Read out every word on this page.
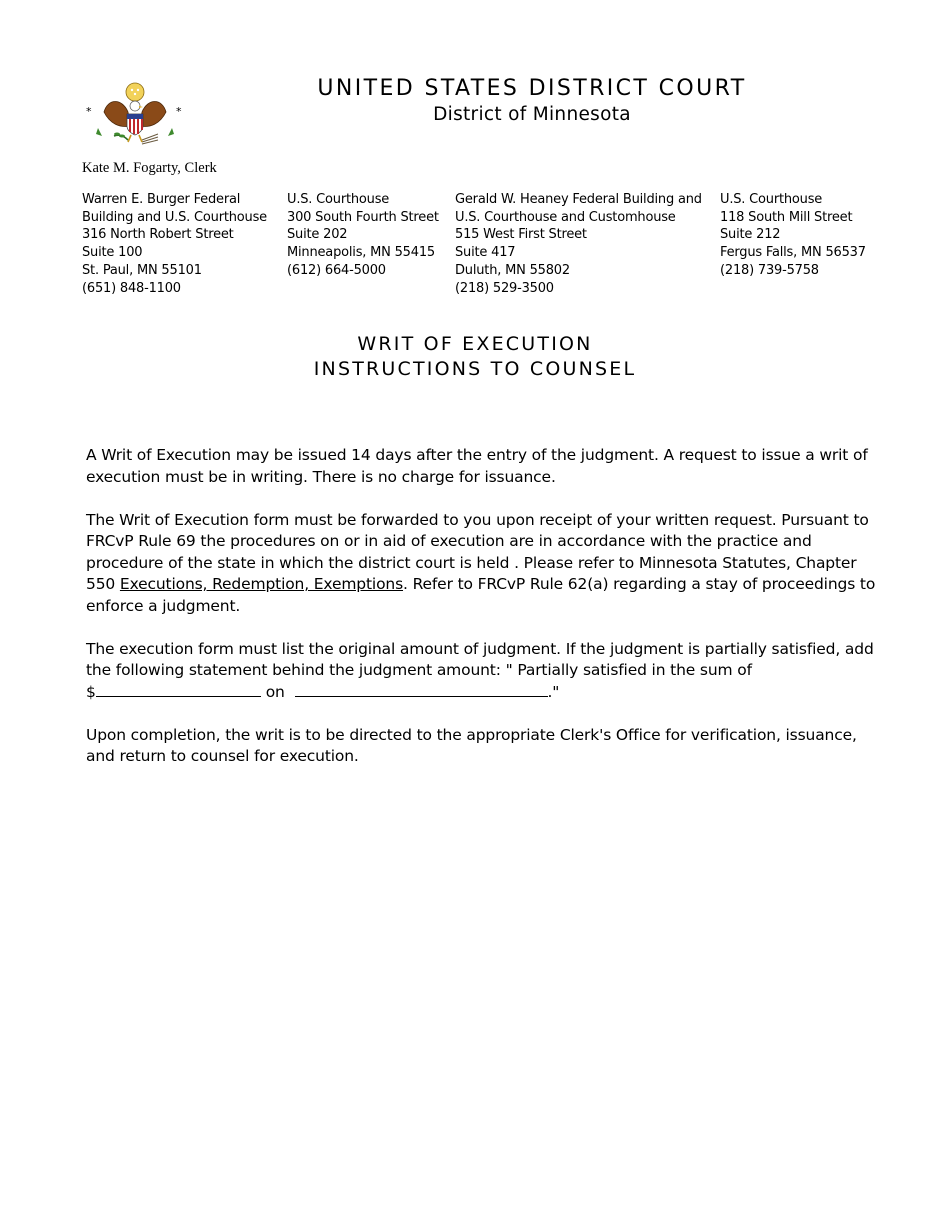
*	*
Kate M. Fogarty, Clerk
UNITED STATES DISTRICT COURT
District of Minnesota
Warren E. Burger Federal
Building and U.S. Courthouse
316 North Robert Street
Suite 100
St. Paul, MN 55101
(651) 848-1100
U.S. Courthouse
300 South Fourth Street
Suite 202
Minneapolis, MN 55415
(612) 664-5000
Gerald W. Heaney Federal Building and
U.S. Courthouse and Customhouse
515 West First Street
Suite 417
Duluth, MN 55802
(218) 529-3500
U.S. Courthouse
118 South Mill Street
Suite 212
Fergus Falls, MN 56537
(218) 739-5758
WRIT OF EXECUTION
INSTRUCTIONS TO COUNSEL

A Writ of Execution may be issued 14 days after the entry of the judgment. A request to issue a writ of execution must be in writing. There is no charge for issuance.

The Writ of Execution form must be forwarded to you upon receipt of your written request. Pursuant to FRCvP Rule 69 the procedures on or in aid of execution are in accordance with the practice and procedure of the state in which the district court is held . Please refer to Minnesota Statutes, Chapter 550 Executions, Redemption, Exemptions. Refer to FRCvP Rule 62(a) regarding a stay of proceedings to enforce a judgment.

The execution form must list the original amount of judgment. If the judgment is partially satisfied, add the following statement behind the judgment amount: " Partially satisfied in the sum of
$	on	."

Upon completion, the writ is to be directed to the appropriate Clerk's Office for verification, issuance, and return to counsel for execution.
